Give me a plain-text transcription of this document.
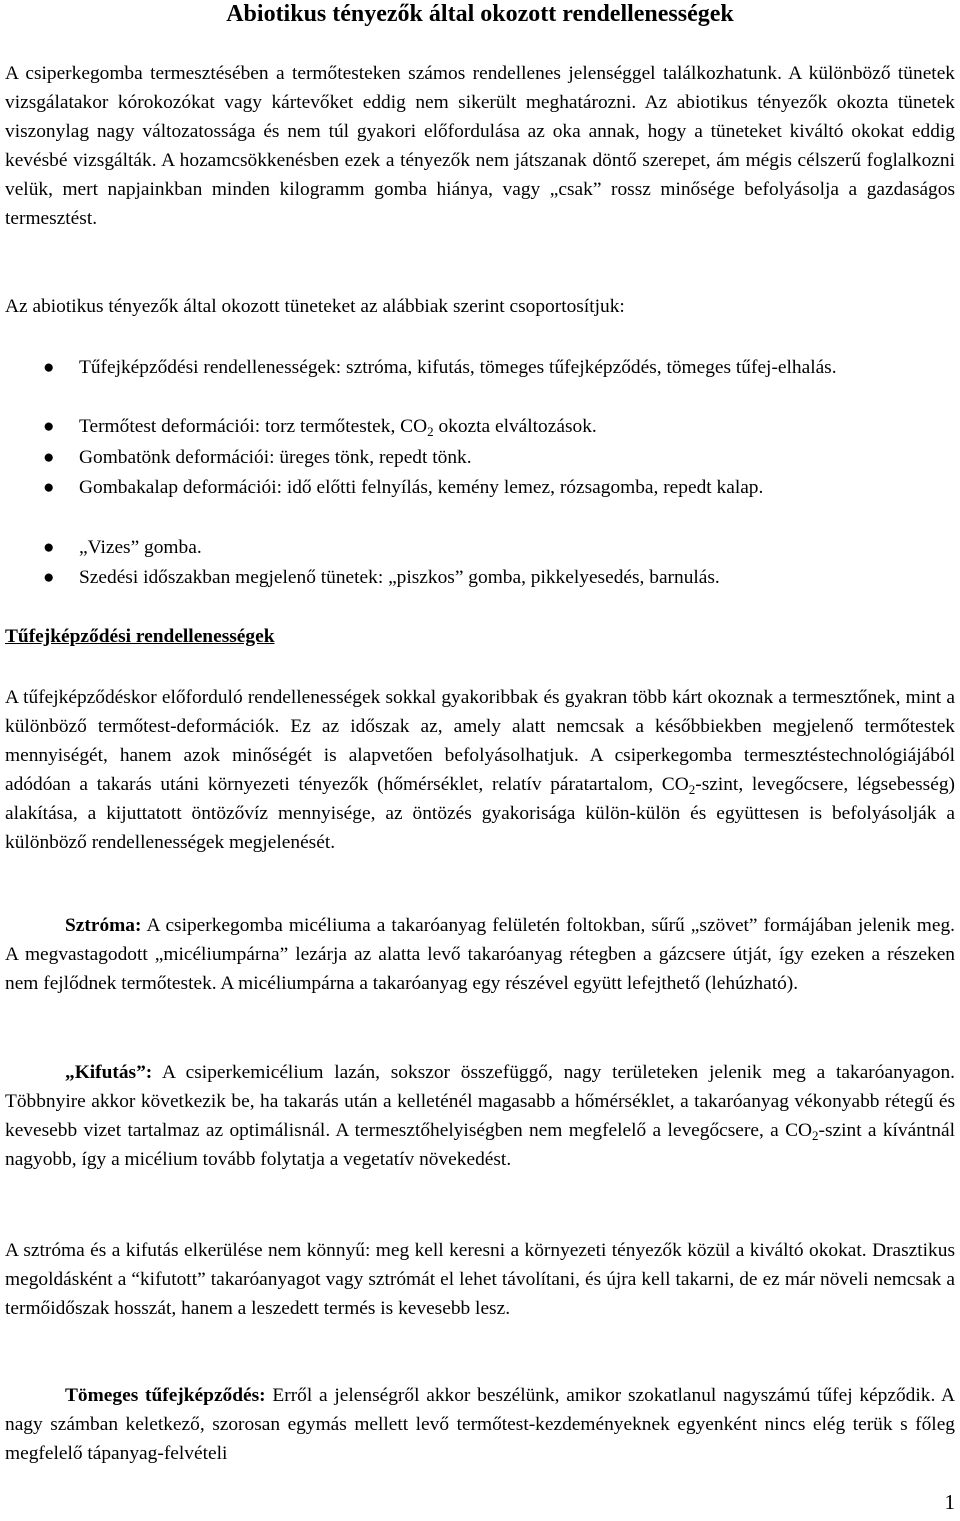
Abiotikus tényezők által okozott rendellenességek

A csiperkegomba termesztésében a termőtesteken számos rendellenes jelenséggel találkozhatunk. A különböző tünetek vizsgálatakor kórokozókat vagy kártevőket eddig nem sikerült meghatározni. Az abiotikus tényezők okozta tünetek viszonylag nagy változatossága és nem túl gyakori előfordulása az oka annak, hogy a tüneteket kiváltó okokat eddig kevésbé vizsgálták. A hozamcsökkenésben ezek a tényezők nem játszanak döntő szerepet, ám mégis célszerű foglalkozni velük, mert napjainkban minden kilogramm gomba hiánya, vagy „csak” rossz minősége befolyásolja a gazdaságos termesztést.

Az abiotikus tényezők által okozott tüneteket az alábbiak szerint csoportosítjuk:

●	Tűfejképződési rendellenességek: sztróma, kifutás, tömeges tűfejképződés, tömeges tűfej-elhalás.
●	Termőtest deformációi: torz termőtestek, $CO_2$ okozta elváltozások.
●	Gombatönk deformációi: üreges tönk, repedt tönk.
●	Gombakalap deformációi: idő előtti felnyílás, kemény lemez, rózsagomba, repedt kalap.
●	„Vizes” gomba.
●	Szedési időszakban megjelenő tünetek: „piszkos” gomba, pikkelyesedés, barnulás.

Tűfejképződési rendellenességek

A tűfejképződéskor előforduló rendellenességek sokkal gyakoribbak és gyakran több kárt okoznak a termesztőnek, mint a különböző termőtest-deformációk. Ez az időszak az, amely alatt nemcsak a későbbiekben megjelenő termőtestek mennyiségét, hanem azok minőségét is alapvetően befolyásolhatjuk. A csiperkegomba termesztéstechnológiájából adódóan a takarás utáni környezeti tényezők (hőmérséklet, relatív páratartalom, $CO_2$-szint, levegőcsere, légsebesség) alakítása, a kijuttatott öntözővíz mennyisége, az öntözés gyakorisága külön-külön és együttesen is befolyásolják a különböző rendellenességek megjelenését.

Sztróma: A csiperkegomba micéliuma a takaróanyag felületén foltokban, sűrű „szövet” formájában jelenik meg. A megvastagodott „micéliumpárna” lezárja az alatta levő takaróanyag rétegben a gázcsere útját, így ezeken a részeken nem fejlődnek termőtestek. A micéliumpárna a takaróanyag egy részével együtt lefejthető (lehúzható).

„Kifutás”: A csiperkemicélium lazán, sokszor összefüggő, nagy területeken jelenik meg a takaróanyagon. Többnyire akkor következik be, ha takarás után a kelleténél magasabb a hőmérséklet, a takaróanyag vékonyabb rétegű és kevesebb vizet tartalmaz az optimálisnál. A termesztőhelyiségben nem megfelelő a levegőcsere, a $CO_2$-szint a kívántnál nagyobb, így a micélium tovább folytatja a vegetatív növekedést.

A sztróma és a kifutás elkerülése nem könnyű: meg kell keresni a környezeti tényezők közül a kiváltó okokat. Drasztikus megoldásként a “kifutott” takaróanyagot vagy sztrómát el lehet távolítani, és újra kell takarni, de ez már növeli nemcsak a termőidőszak hosszát, hanem a leszedett termés is kevesebb lesz.

Tömeges tűfejképződés: Erről a jelenségről akkor beszélünk, amikor szokatlanul nagyszámú tűfej képződik. A nagy számban keletkező, szorosan egymás mellett levő termőtest-kezdeményeknek egyenként nincs elég terük s főleg megfelelő tápanyag-felvételi

1
